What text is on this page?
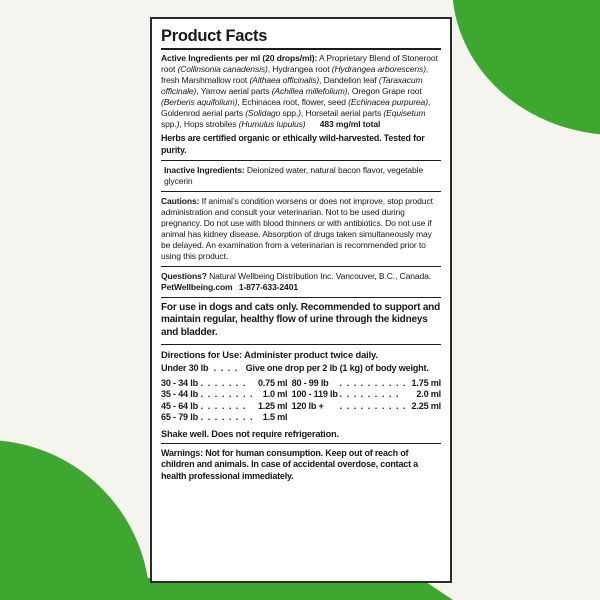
Product Facts

Active Ingredients per ml (20 drops/ml): A Proprietary Blend of Stoneroot root (Collinsonia canadensis), Hydrangea root (Hydrangea arborescens), fresh Marshmallow root (Althaea officinalis), Dandelion leaf (Taraxacum officinale), Yarrow aerial parts (Achillea millefolium), Oregon Grape root (Berberis aquifolium), Echinacea root, flower, seed (Echinacea purpurea), Goldenrod aerial parts (Solidago spp.), Horsetail aerial parts (Equisetum spp.), Hops strobiles (Humulus lupulus) 483 mg/ml total

Herbs are certified organic or ethically wild-harvested. Tested for purity.

Inactive Ingredients: Deionized water, natural bacon flavor, vegetable glycerin

Cautions: If animal’s condition worsens or does not improve, stop product administration and consult your veterinarian. Not to be used during pregnancy. Do not use with blood thinners or with antibiotics. Do not use if animal has kidney disease. Absorption of drugs taken simultaneously may be delayed. An examination from a veterinarian is recommended prior to using this product.

Questions? Natural Wellbeing Distribution Inc. Vancouver, B.C., Canada.

PetWellbeing.com 1-877-633-2401

For use in dogs and cats only. Recommended to support and maintain regular, healthy flow of urine through the kidneys and bladder.
Directions for Use: Administer product twice daily.
Under 30 lb . . . . Give one drop per 2 lb (1 kg) of body weight.
30 - 34 lb	. . . . . . .	0.75 ml		80 - 99 lb	. . . . . . . . . .	1.75 ml
35 - 44 lb	. . . . . . . .	1.0 ml		100 - 119 lb	. . . . . . . . .	2.0 ml
45 - 64 lb	. . . . . . .	1.25 ml		120 lb +	. . . . . . . . . .	2.25 ml
65 - 79 lb	. . . . . . . .	1.5 ml				
Shake well. Does not require refrigeration.
Warnings: Not for human consumption. Keep out of reach of children and animals. In case of accidental overdose, contact a health professional immediately.
